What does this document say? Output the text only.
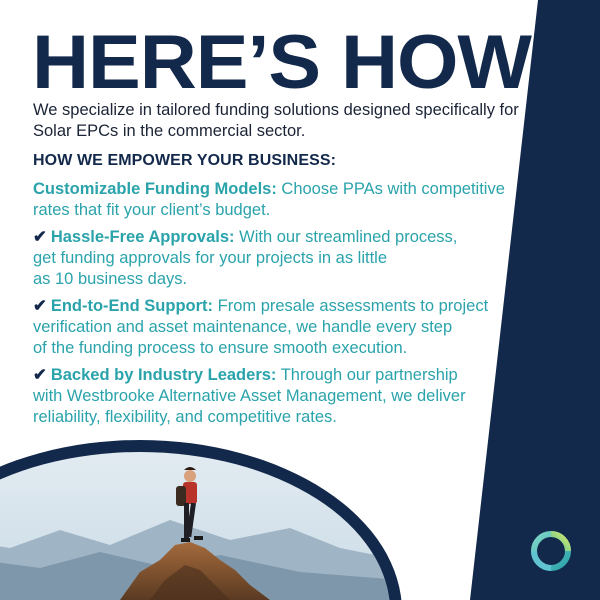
HERE’S HOW:
We specialize in tailored funding solutions designed specifically for
Solar EPCs in the commercial sector.
HOW WE EMPOWER YOUR BUSINESS:
Customizable Funding Models: Choose PPAs with competitive
rates that fit your client’s budget.
✔ Hassle-Free Approvals: With our streamlined process,
get funding approvals for your projects in as little
as 10 business days.
✔ End-to-End Support: From presale assessments to project
verification and asset maintenance, we handle every step
of the funding process to ensure smooth execution.
✔ Backed by Industry Leaders: Through our partnership
with Westbrooke Alternative Asset Management, we deliver
reliability, flexibility, and competitive rates.
